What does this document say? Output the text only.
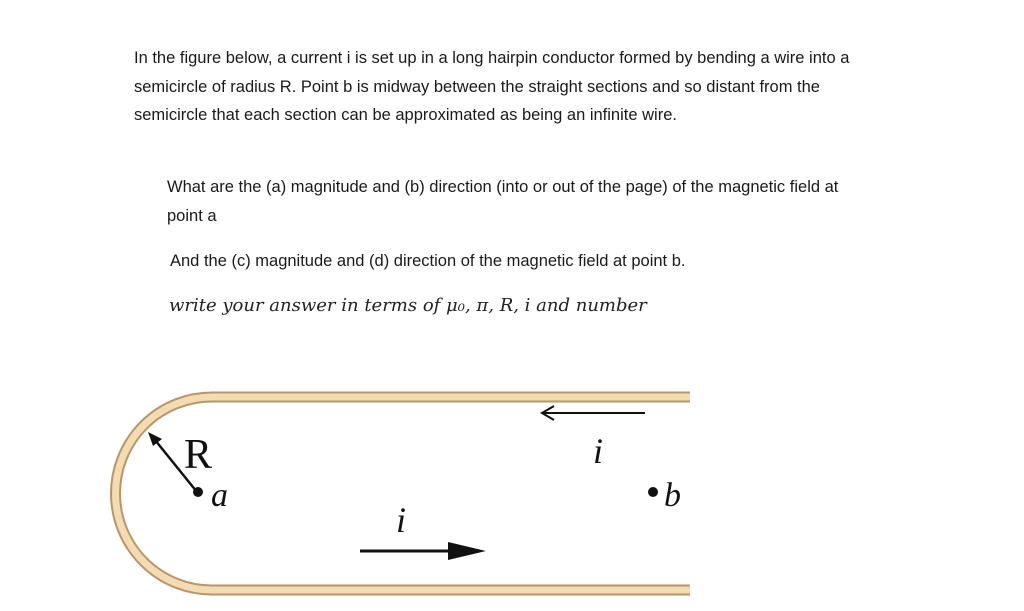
In the figure below, a current i is set up in a long hairpin conductor formed by bending a wire into a
semicircle of radius R. Point b is midway between the straight sections and so distant from the
semicircle that each section can be approximated as being an infinite wire.
What are the (a) magnitude and (b) direction (into or out of the page) of the magnetic field at
point a
And the (c) magnitude and (d) direction of the magnetic field at point b.
write your answer in terms of μ₀, π, R, i and number
R
a
i
b
i
